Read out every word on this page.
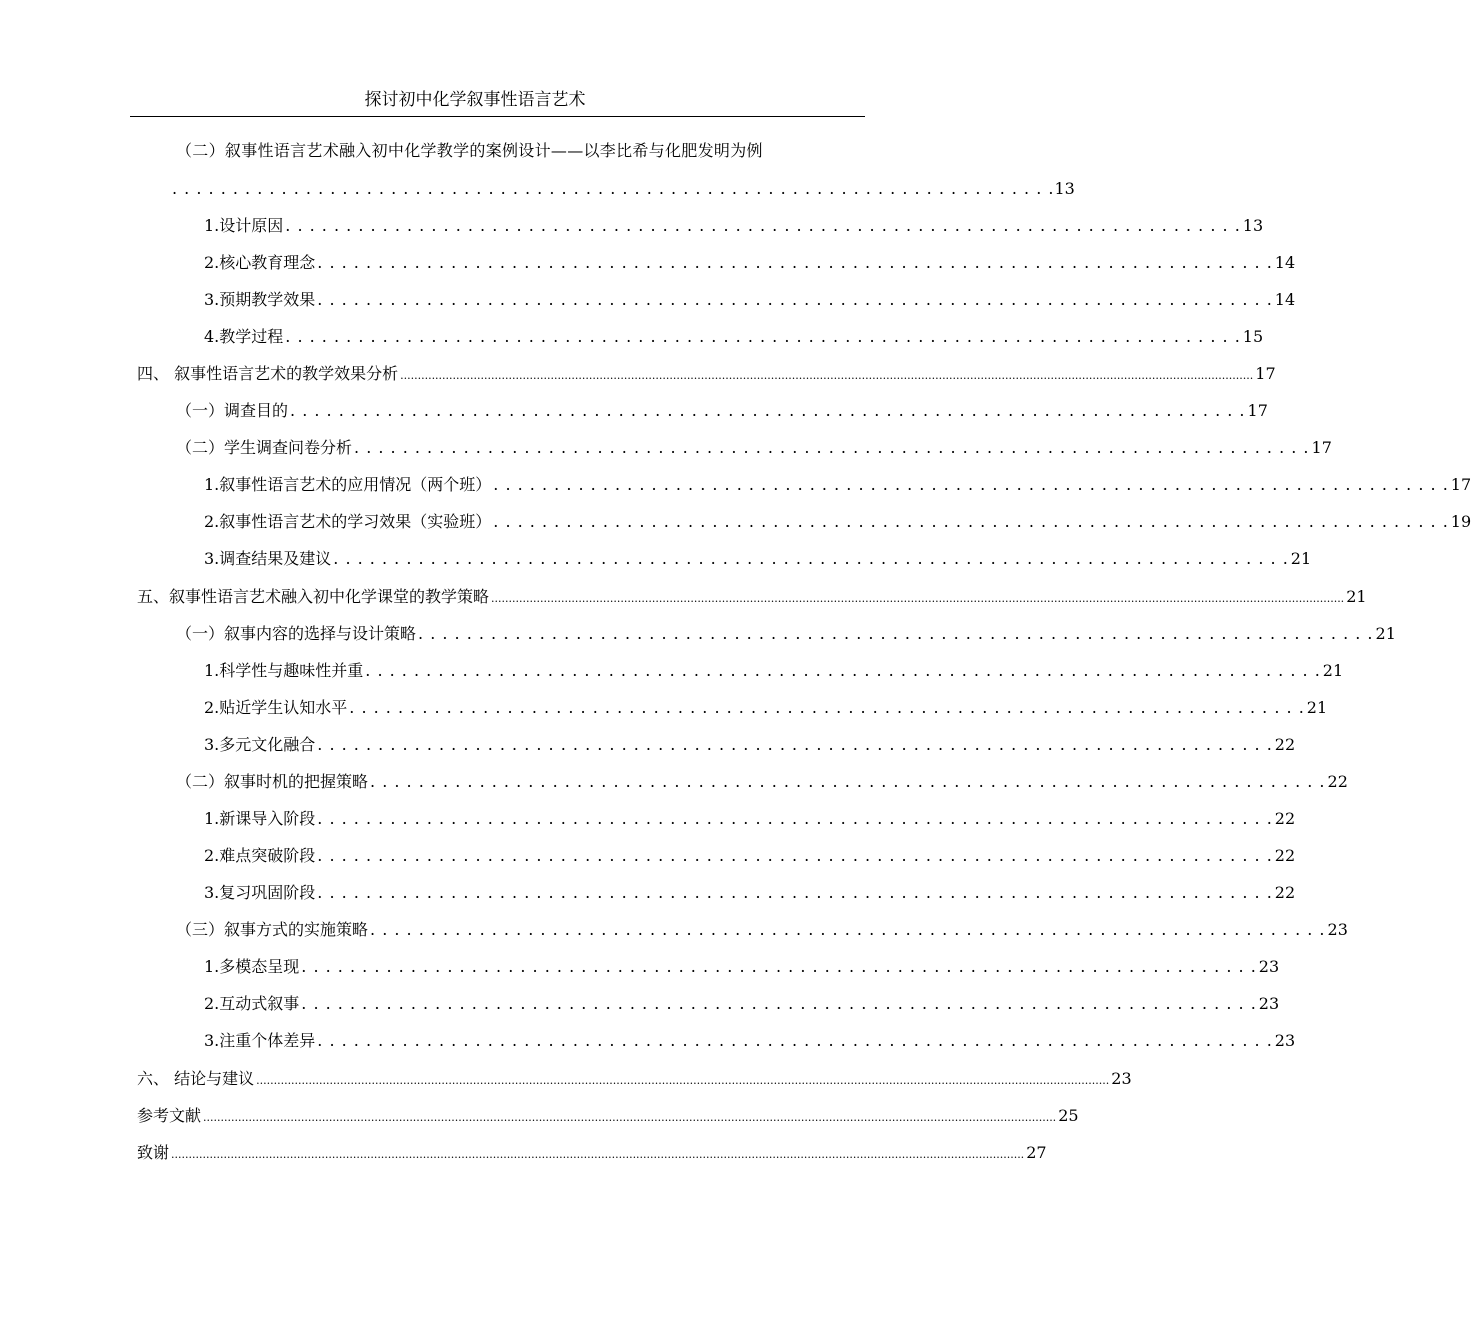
探讨初中化学叙事性语言艺术
（二）叙事性语言艺术融入初中化学教学的案例设计——以李比希与化肥发明为例
. . . . . . . . . . . . . . . . . . . . . . . . . . . . . . . . . . . . . . . . . . . . . . . . . . . . . . . . . . . . . . . . . . . . . . . . . 13
1.设计原因 . . . . . . . . . . . . . . . . . . . . . . . . . . . . . . . . . . . . . . . . . . . . . . . . . . . . . . . . . . . . . . . . . . . . . . . . . . . . . . . 13
2.核心教育理念 . . . . . . . . . . . . . . . . . . . . . . . . . . . . . . . . . . . . . . . . . . . . . . . . . . . . . . . . . . . . . . . . . . . . . . . . . . . . . . . 14
3.预期教学效果 . . . . . . . . . . . . . . . . . . . . . . . . . . . . . . . . . . . . . . . . . . . . . . . . . . . . . . . . . . . . . . . . . . . . . . . . . . . . . . . 14
4.教学过程 . . . . . . . . . . . . . . . . . . . . . . . . . . . . . . . . . . . . . . . . . . . . . . . . . . . . . . . . . . . . . . . . . . . . . . . . . . . . . . . 15
四、 叙事性语言艺术的教学效果分析 .................................................................................................................................................................................................................................................... 17
（一）调查目的 . . . . . . . . . . . . . . . . . . . . . . . . . . . . . . . . . . . . . . . . . . . . . . . . . . . . . . . . . . . . . . . . . . . . . . . . . . . . . . . 17
（二）学生调查问卷分析 . . . . . . . . . . . . . . . . . . . . . . . . . . . . . . . . . . . . . . . . . . . . . . . . . . . . . . . . . . . . . . . . . . . . . . . . . . . . . . . 17
1.叙事性语言艺术的应用情况（两个班） . . . . . . . . . . . . . . . . . . . . . . . . . . . . . . . . . . . . . . . . . . . . . . . . . . . . . . . . . . . . . . . . . . . . . . . . . . . . . . . 17
2.叙事性语言艺术的学习效果（实验班） . . . . . . . . . . . . . . . . . . . . . . . . . . . . . . . . . . . . . . . . . . . . . . . . . . . . . . . . . . . . . . . . . . . . . . . . . . . . . . . 19
3.调查结果及建议 . . . . . . . . . . . . . . . . . . . . . . . . . . . . . . . . . . . . . . . . . . . . . . . . . . . . . . . . . . . . . . . . . . . . . . . . . . . . . . . 21
五、叙事性语言艺术融入初中化学课堂的教学策略 .................................................................................................................................................................................................................................................... 21
（一）叙事内容的选择与设计策略 . . . . . . . . . . . . . . . . . . . . . . . . . . . . . . . . . . . . . . . . . . . . . . . . . . . . . . . . . . . . . . . . . . . . . . . . . . . . . . . 21
1.科学性与趣味性并重 . . . . . . . . . . . . . . . . . . . . . . . . . . . . . . . . . . . . . . . . . . . . . . . . . . . . . . . . . . . . . . . . . . . . . . . . . . . . . . . 21
2.贴近学生认知水平 . . . . . . . . . . . . . . . . . . . . . . . . . . . . . . . . . . . . . . . . . . . . . . . . . . . . . . . . . . . . . . . . . . . . . . . . . . . . . . . 21
3.多元文化融合 . . . . . . . . . . . . . . . . . . . . . . . . . . . . . . . . . . . . . . . . . . . . . . . . . . . . . . . . . . . . . . . . . . . . . . . . . . . . . . . 22
（二）叙事时机的把握策略 . . . . . . . . . . . . . . . . . . . . . . . . . . . . . . . . . . . . . . . . . . . . . . . . . . . . . . . . . . . . . . . . . . . . . . . . . . . . . . . 22
1.新课导入阶段 . . . . . . . . . . . . . . . . . . . . . . . . . . . . . . . . . . . . . . . . . . . . . . . . . . . . . . . . . . . . . . . . . . . . . . . . . . . . . . . 22
2.难点突破阶段 . . . . . . . . . . . . . . . . . . . . . . . . . . . . . . . . . . . . . . . . . . . . . . . . . . . . . . . . . . . . . . . . . . . . . . . . . . . . . . . 22
3.复习巩固阶段 . . . . . . . . . . . . . . . . . . . . . . . . . . . . . . . . . . . . . . . . . . . . . . . . . . . . . . . . . . . . . . . . . . . . . . . . . . . . . . . 22
（三）叙事方式的实施策略 . . . . . . . . . . . . . . . . . . . . . . . . . . . . . . . . . . . . . . . . . . . . . . . . . . . . . . . . . . . . . . . . . . . . . . . . . . . . . . . 23
1.多模态呈现 . . . . . . . . . . . . . . . . . . . . . . . . . . . . . . . . . . . . . . . . . . . . . . . . . . . . . . . . . . . . . . . . . . . . . . . . . . . . . . . 23
2.互动式叙事 . . . . . . . . . . . . . . . . . . . . . . . . . . . . . . . . . . . . . . . . . . . . . . . . . . . . . . . . . . . . . . . . . . . . . . . . . . . . . . . 23
3.注重个体差异 . . . . . . . . . . . . . . . . . . . . . . . . . . . . . . . . . . . . . . . . . . . . . . . . . . . . . . . . . . . . . . . . . . . . . . . . . . . . . . . 23
六、 结论与建议 .................................................................................................................................................................................................................................................... 23
参考文献 .................................................................................................................................................................................................................................................... 25
致谢 .................................................................................................................................................................................................................................................... 27
